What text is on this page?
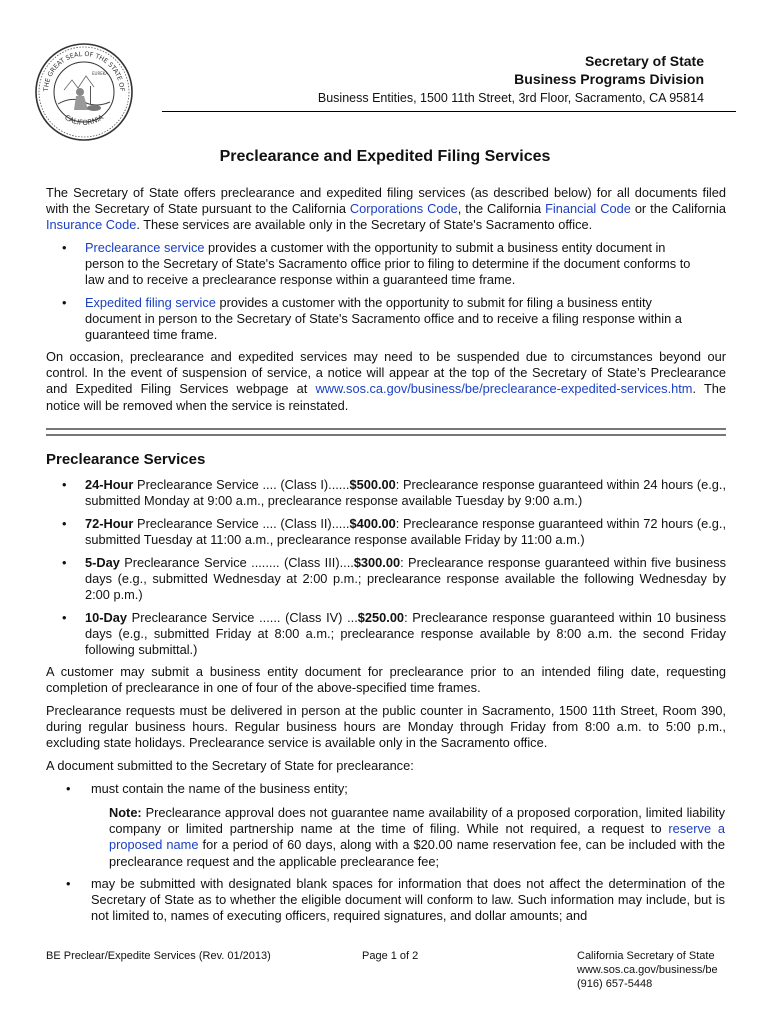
THE GREAT SEAL OF THE STATE OF
CALIFORNIA
EUREKA
Secretary of State
Business Programs Division
Business Entities, 1500 11th Street, 3rd Floor, Sacramento, CA 95814
Preclearance and Expedited Filing Services

The Secretary of State offers preclearance and expedited filing services (as described below) for all documents filed with the Secretary of State pursuant to the California Corporations Code, the California Financial Code or the California Insurance Code. These services are available only in the Secretary of State's Sacramento office.

• Preclearance service provides a customer with the opportunity to submit a business entity document in person to the Secretary of State's Sacramento office prior to filing to determine if the document conforms to law and to receive a preclearance response within a guaranteed time frame.

• Expedited filing service provides a customer with the opportunity to submit for filing a business entity document in person to the Secretary of State's Sacramento office and to receive a filing response within a guaranteed time frame.

On occasion, preclearance and expedited services may need to be suspended due to circumstances beyond our control. In the event of suspension of service, a notice will appear at the top of the Secretary of State’s Preclearance and Expedited Filing Services webpage at www.sos.ca.gov/business/be/preclearance-expedited-services.htm. The notice will be removed when the service is reinstated.

Preclearance Services
• 24-Hour Preclearance Service .... (Class I)......$500.00: Preclearance response guaranteed within 24 hours (e.g., submitted Monday at 9:00 a.m., preclearance response available Tuesday by 9:00 a.m.)

• 72-Hour Preclearance Service .... (Class II).....$400.00: Preclearance response guaranteed within 72 hours (e.g., submitted Tuesday at 11:00 a.m., preclearance response available Friday by 11:00 a.m.)

• 5-Day Preclearance Service ........ (Class III)....$300.00: Preclearance response guaranteed within five business days (e.g., submitted Wednesday at 2:00 p.m.; preclearance response available the following Wednesday by 2:00 p.m.)

• 10-Day Preclearance Service ...... (Class IV) ...$250.00: Preclearance response guaranteed within 10 business days (e.g., submitted Friday at 8:00 a.m.; preclearance response available by 8:00 a.m. the second Friday following submittal.)

A customer may submit a business entity document for preclearance prior to an intended filing date, requesting completion of preclearance in one of four of the above-specified time frames.

Preclearance requests must be delivered in person at the public counter in Sacramento, 1500 11th Street, Room 390, during regular business hours. Regular business hours are Monday through Friday from 8:00 a.m. to 5:00 p.m., excluding state holidays. Preclearance service is available only in the Sacramento office.

A document submitted to the Secretary of State for preclearance:

• must contain the name of the business entity;

Note: Preclearance approval does not guarantee name availability of a proposed corporation, limited liability company or limited partnership name at the time of filing. While not required, a request to reserve a proposed name for a period of 60 days, along with a $20.00 name reservation fee, can be included with the preclearance request and the applicable preclearance fee;

• may be submitted with designated blank spaces for information that does not affect the determination of the Secretary of State as to whether the eligible document will conform to law. Such information may include, but is not limited to, names of executing officers, required signatures, and dollar amounts; and

BE Preclear/Expedite Services (Rev. 01/2013)	Page 1 of 2	California Secretary of State
www.sos.ca.gov/business/be
(916) 657-5448
